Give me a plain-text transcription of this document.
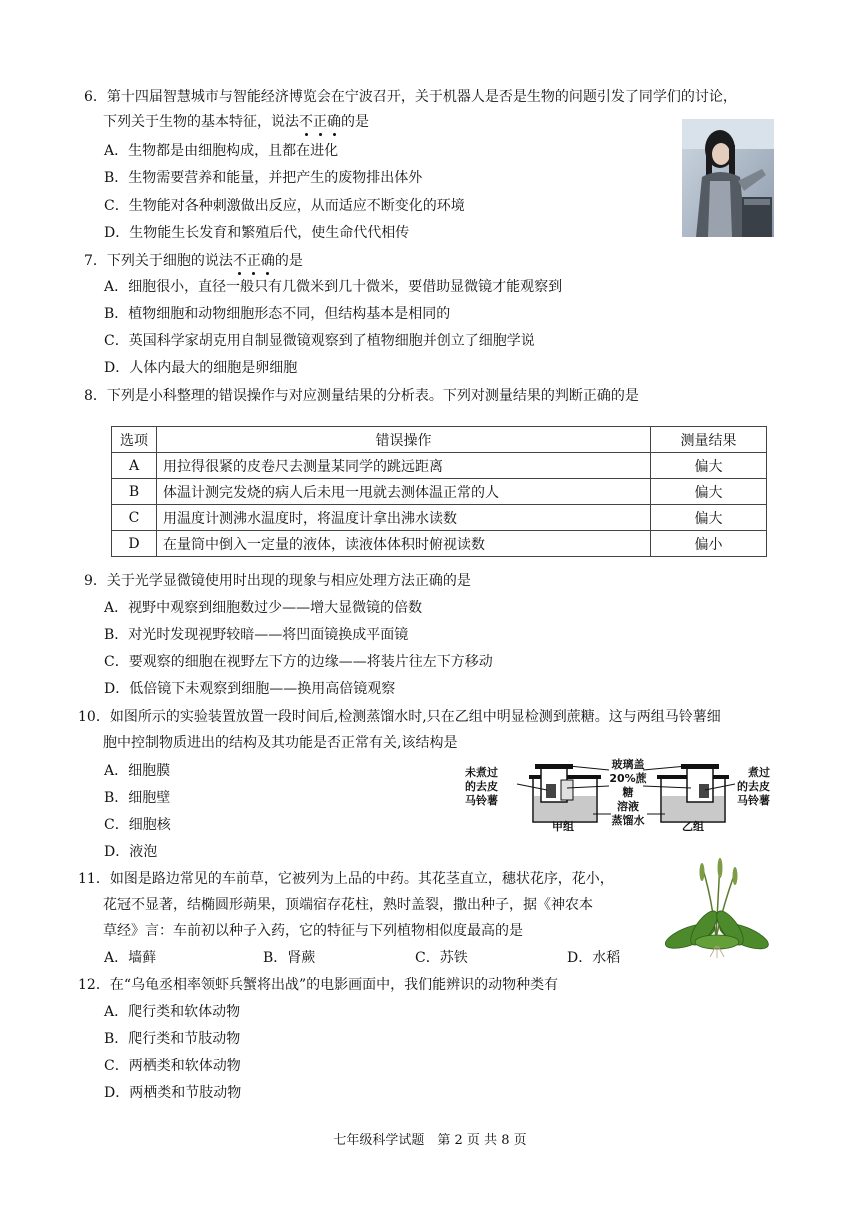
6．第十四届智慧城市与智能经济博览会在宁波召开，关于机器人是否是生物的问题引发了同学们的讨论，
下列关于生物的基本特征，说法不正确的是
A．生物都是由细胞构成，且都在进化
B．生物需要营养和能量，并把产生的废物排出体外
C．生物能对各种刺激做出反应，从而适应不断变化的环境
D．生物能生长发育和繁殖后代，使生命代代相传
7．下列关于细胞的说法不正确的是
A．细胞很小，直径一般只有几微米到几十微米，要借助显微镜才能观察到
B．植物细胞和动物细胞形态不同，但结构基本是相同的
C．英国科学家胡克用自制显微镜观察到了植物细胞并创立了细胞学说
D．人体内最大的细胞是卵细胞
8．下列是小科整理的错误操作与对应测量结果的分析表。下列对测量结果的判断正确的是
选项	错误操作	测量结果
A	用拉得很紧的皮卷尺去测量某同学的跳远距离	偏大
B	体温计测完发烧的病人后未甩一甩就去测体温正常的人	偏大
C	用温度计测沸水温度时，将温度计拿出沸水读数	偏大
D	在量筒中倒入一定量的液体，读液体体积时俯视读数	偏小
9．关于光学显微镜使用时出现的现象与相应处理方法正确的是
A．视野中观察到细胞数过少——增大显微镜的倍数
B．对光时发现视野较暗——将凹面镜换成平面镜
C．要观察的细胞在视野左下方的边缘——将装片往左下方移动
D．低倍镜下未观察到细胞——换用高倍镜观察
10．如图所示的实验装置放置一段时间后,检测蒸馏水时,只在乙组中明显检测到蔗糖。这与两组马铃薯细
胞中控制物质进出的结构及其功能是否正常有关,该结构是
A．细胞膜
B．细胞壁
C．细胞核
D．液泡
未煮过
的去皮
马铃薯
玻璃盖
20%蔗糖
溶液
蒸馏水
煮过
的去皮
马铃薯
甲组	乙组
11．如图是路边常见的车前草，它被列为上品的中药。其花茎直立，穗状花序，花小，
花冠不显著，结椭圆形蒴果，顶端宿存花柱，熟时盖裂，撒出种子，据《神农本
草经》言：车前初以种子入药，它的特征与下列植物相似度最高的是
A．墙藓	B．肾蕨	C．苏铁	D．水稻
12．在“乌龟丞相率领虾兵蟹将出战”的电影画面中，我们能辨识的动物种类有
A．爬行类和软体动物
B．爬行类和节肢动物
C．两栖类和软体动物
D．两栖类和节肢动物
七年级科学试题　第 2 页 共 8 页
